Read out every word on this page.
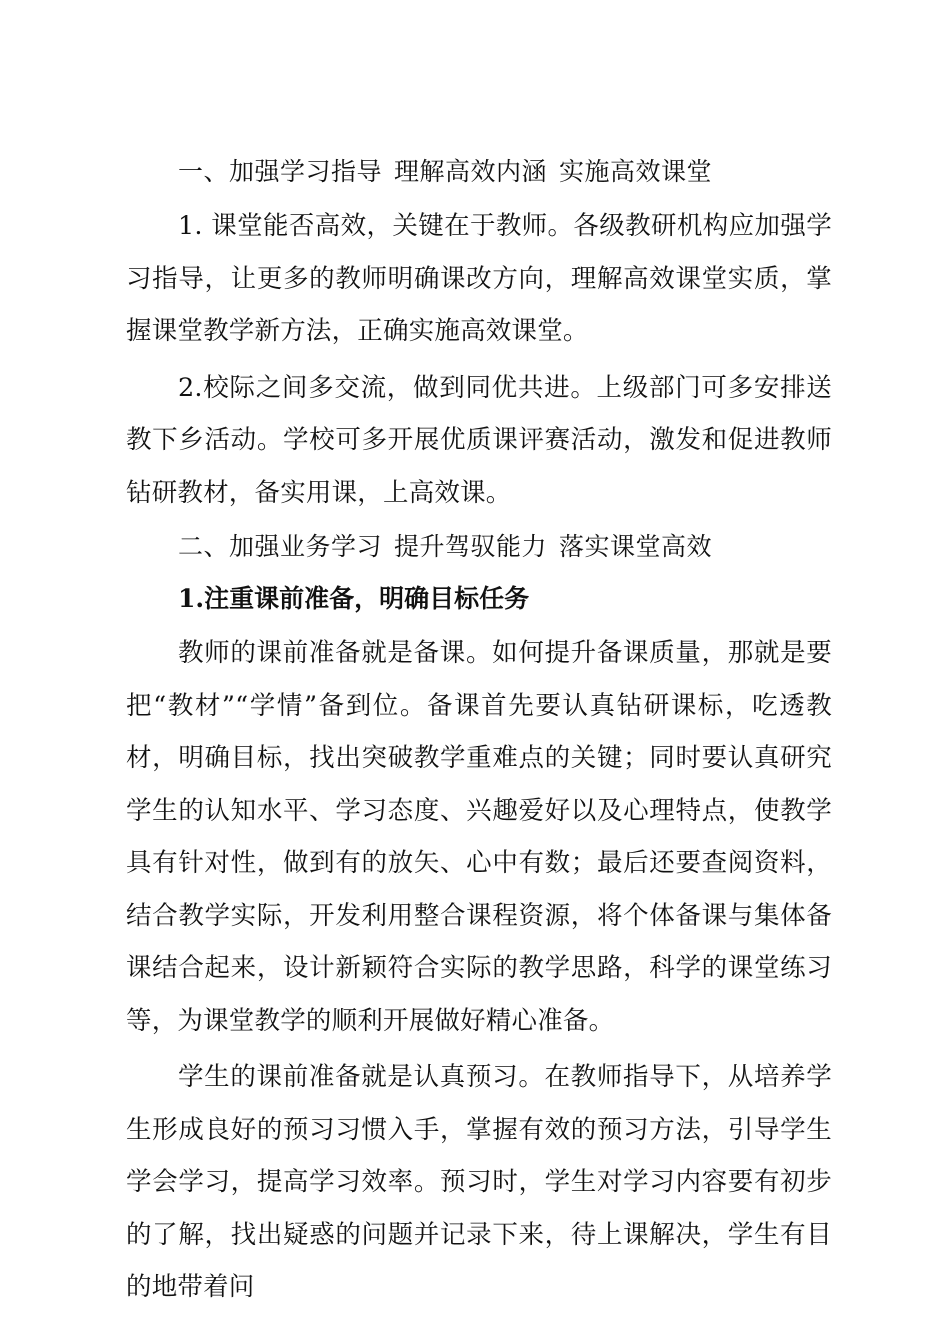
一、加强学习指导 理解高效内涵 实施高效课堂

1. 课堂能否高效，关键在于教师。各级教研机构应加强学习指导，让更多的教师明确课改方向，理解高效课堂实质，掌握课堂教学新方法，正确实施高效课堂。

2.校际之间多交流，做到同优共进。上级部门可多安排送教下乡活动。学校可多开展优质课评赛活动，激发和促进教师钻研教材，备实用课，上高效课。

二、加强业务学习 提升驾驭能力 落实课堂高效
1.注重课前准备，明确目标任务

教师的课前准备就是备课。如何提升备课质量，那就是要把“教材”“学情”备到位。备课首先要认真钻研课标，吃透教材，明确目标，找出突破教学重难点的关键；同时要认真研究学生的认知水平、学习态度、兴趣爱好以及心理特点，使教学具有针对性，做到有的放矢、心中有数；最后还要查阅资料，结合教学实际，开发利用整合课程资源，将个体备课与集体备课结合起来，设计新颖符合实际的教学思路，科学的课堂练习等，为课堂教学的顺利开展做好精心准备。

学生的课前准备就是认真预习。在教师指导下，从培养学生形成良好的预习习惯入手，掌握有效的预习方法，引导学生学会学习，提高学习效率。预习时，学生对学习内容要有初步的了解，找出疑惑的问题并记录下来，待上课解决，学生有目的地带着问
